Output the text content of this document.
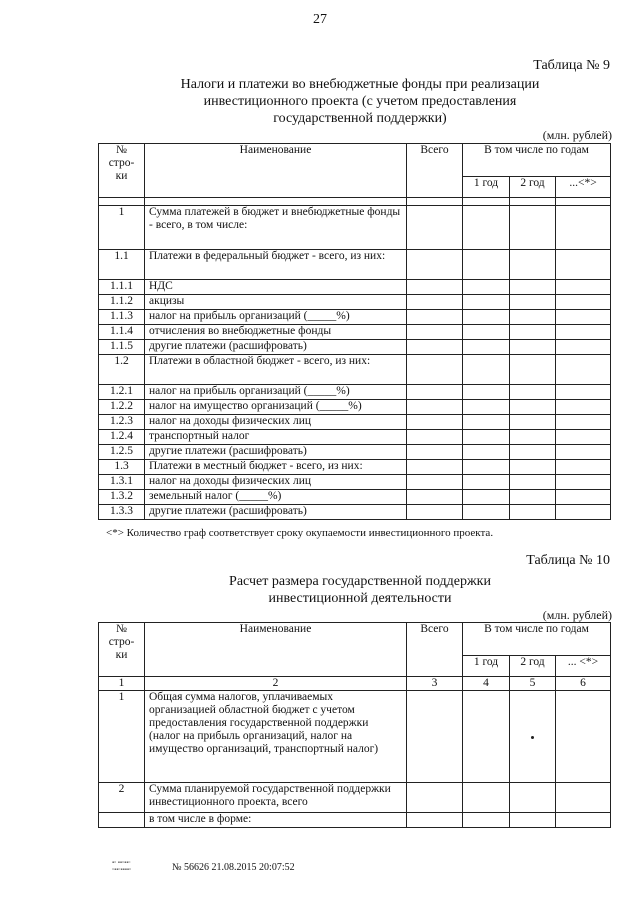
27
Таблица № 9
Налоги и платежи во внебюджетные фонды при реализации
инвестиционного проекта (с учетом предоставления
государственной поддержки)
(млн. рублей)
№ стро-ки	Наименование	Всего	В том числе по годам		
			1 год	2 год	...<*>

1	Сумма платежей в бюджет и внебюджетные фонды - всего, в том числе:				
1.1	Платежи в федеральный бюджет - всего, из них:				
1.1.1	НДС				
1.1.2	акцизы				
1.1.3	налог на прибыль организаций (_____%)				
1.1.4	отчисления во внебюджетные фонды				
1.1.5	другие платежи (расшифровать)				
1.2	Платежи в областной бюджет - всего, из них:				
1.2.1	налог на прибыль организаций (_____%)				
1.2.2	налог на имущество организаций (_____%)				
1.2.3	налог на доходы физических лиц				
1.2.4	транспортный налог				
1.2.5	другие платежи (расшифровать)				
1.3	Платежи в местный бюджет - всего, из них:				
1.3.1	налог на доходы физических лиц				
1.3.2	земельный налог (_____%)				
1.3.3	другие платежи (расшифровать)				
<*> Количество граф соответствует сроку окупаемости инвестиционного проекта.
Таблица № 10
Расчет размера государственной поддержки
инвестиционной деятельности
(млн. рублей)
№ стро-ки	Наименование	Всего	В том числе по годам		
			1 год	2 год	... <*>
1	2	3	4	5	6
1	Общая сумма налогов, уплачиваемых организацией областной бюджет с учетом предоставления государственной поддержки (налог на прибыль организаций, налог на имущество организаций, транспортный налог)				
2	Сумма планируемой государственной поддержки инвестиционного проекта, всего				
	в том числе в форме:				
▪▫ ▪▪▫▪▪▫
▫▪▪▫▪▪▪▪▫	№ 56626 21.08.2015 20:07:52
